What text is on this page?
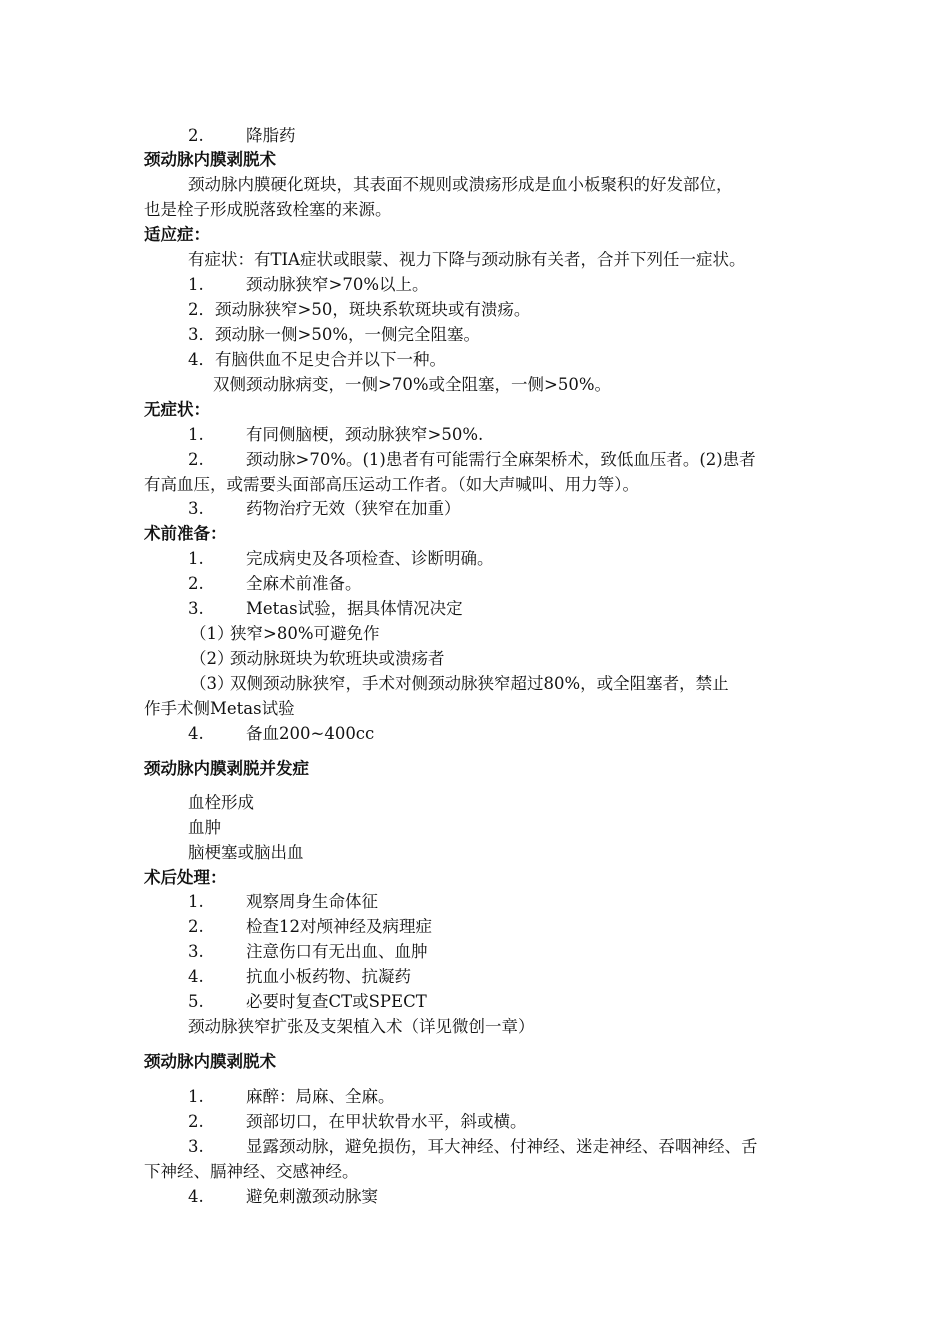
2.	降脂药
颈动脉内膜剥脱术
颈动脉内膜硬化斑块，其表面不规则或溃疡形成是血小板聚积的好发部位，
也是栓子形成脱落致栓塞的来源。
适应症：
有症状：有TIA症状或眼蒙、视力下降与颈动脉有关者，合并下列任一症状。
1.	颈动脉狭窄>70%以上。
2．颈动脉狭窄>50，斑块系软斑块或有溃疡。
3．颈动脉一侧>50%，一侧完全阻塞。
4．有脑供血不足史合并以下一种。
双侧颈动脉病变，一侧>70%或全阻塞，一侧>50%。
无症状：
1.	有同侧脑梗，颈动脉狭窄>50%.
2.	颈动脉>70%。(1)患者有可能需行全麻架桥术，致低血压者。(2)患者
有高血压，或需要头面部高压运动工作者。（如大声喊叫、用力等）。
3.	药物治疗无效（狭窄在加重）
术前准备：
1.	完成病史及各项检查、诊断明确。
2.	全麻术前准备。
3.	Metas试验，据具体情况决定
（1）狭窄>80%可避免作
（2）颈动脉斑块为软班块或溃疡者
（3）双侧颈动脉狭窄，手术对侧颈动脉狭窄超过80%，或全阻塞者，禁止
作手术侧Metas试验
4.	备血200~400cc
颈动脉内膜剥脱并发症
血栓形成
血肿
脑梗塞或脑出血
术后处理：
1.	观察周身生命体征
2.	检查12对颅神经及病理症
3.	注意伤口有无出血、血肿
4.	抗血小板药物、抗凝药
5.	必要时复查CT或SPECT
颈动脉狭窄扩张及支架植入术（详见微创一章）
颈动脉内膜剥脱术
1.	麻醉：局麻、全麻。
2.	颈部切口，在甲状软骨水平，斜或横。
3.	显露颈动脉，避免损伤，耳大神经、付神经、迷走神经、吞咽神经、舌
下神经、膈神经、交感神经。
4.	避免刺激颈动脉窦
